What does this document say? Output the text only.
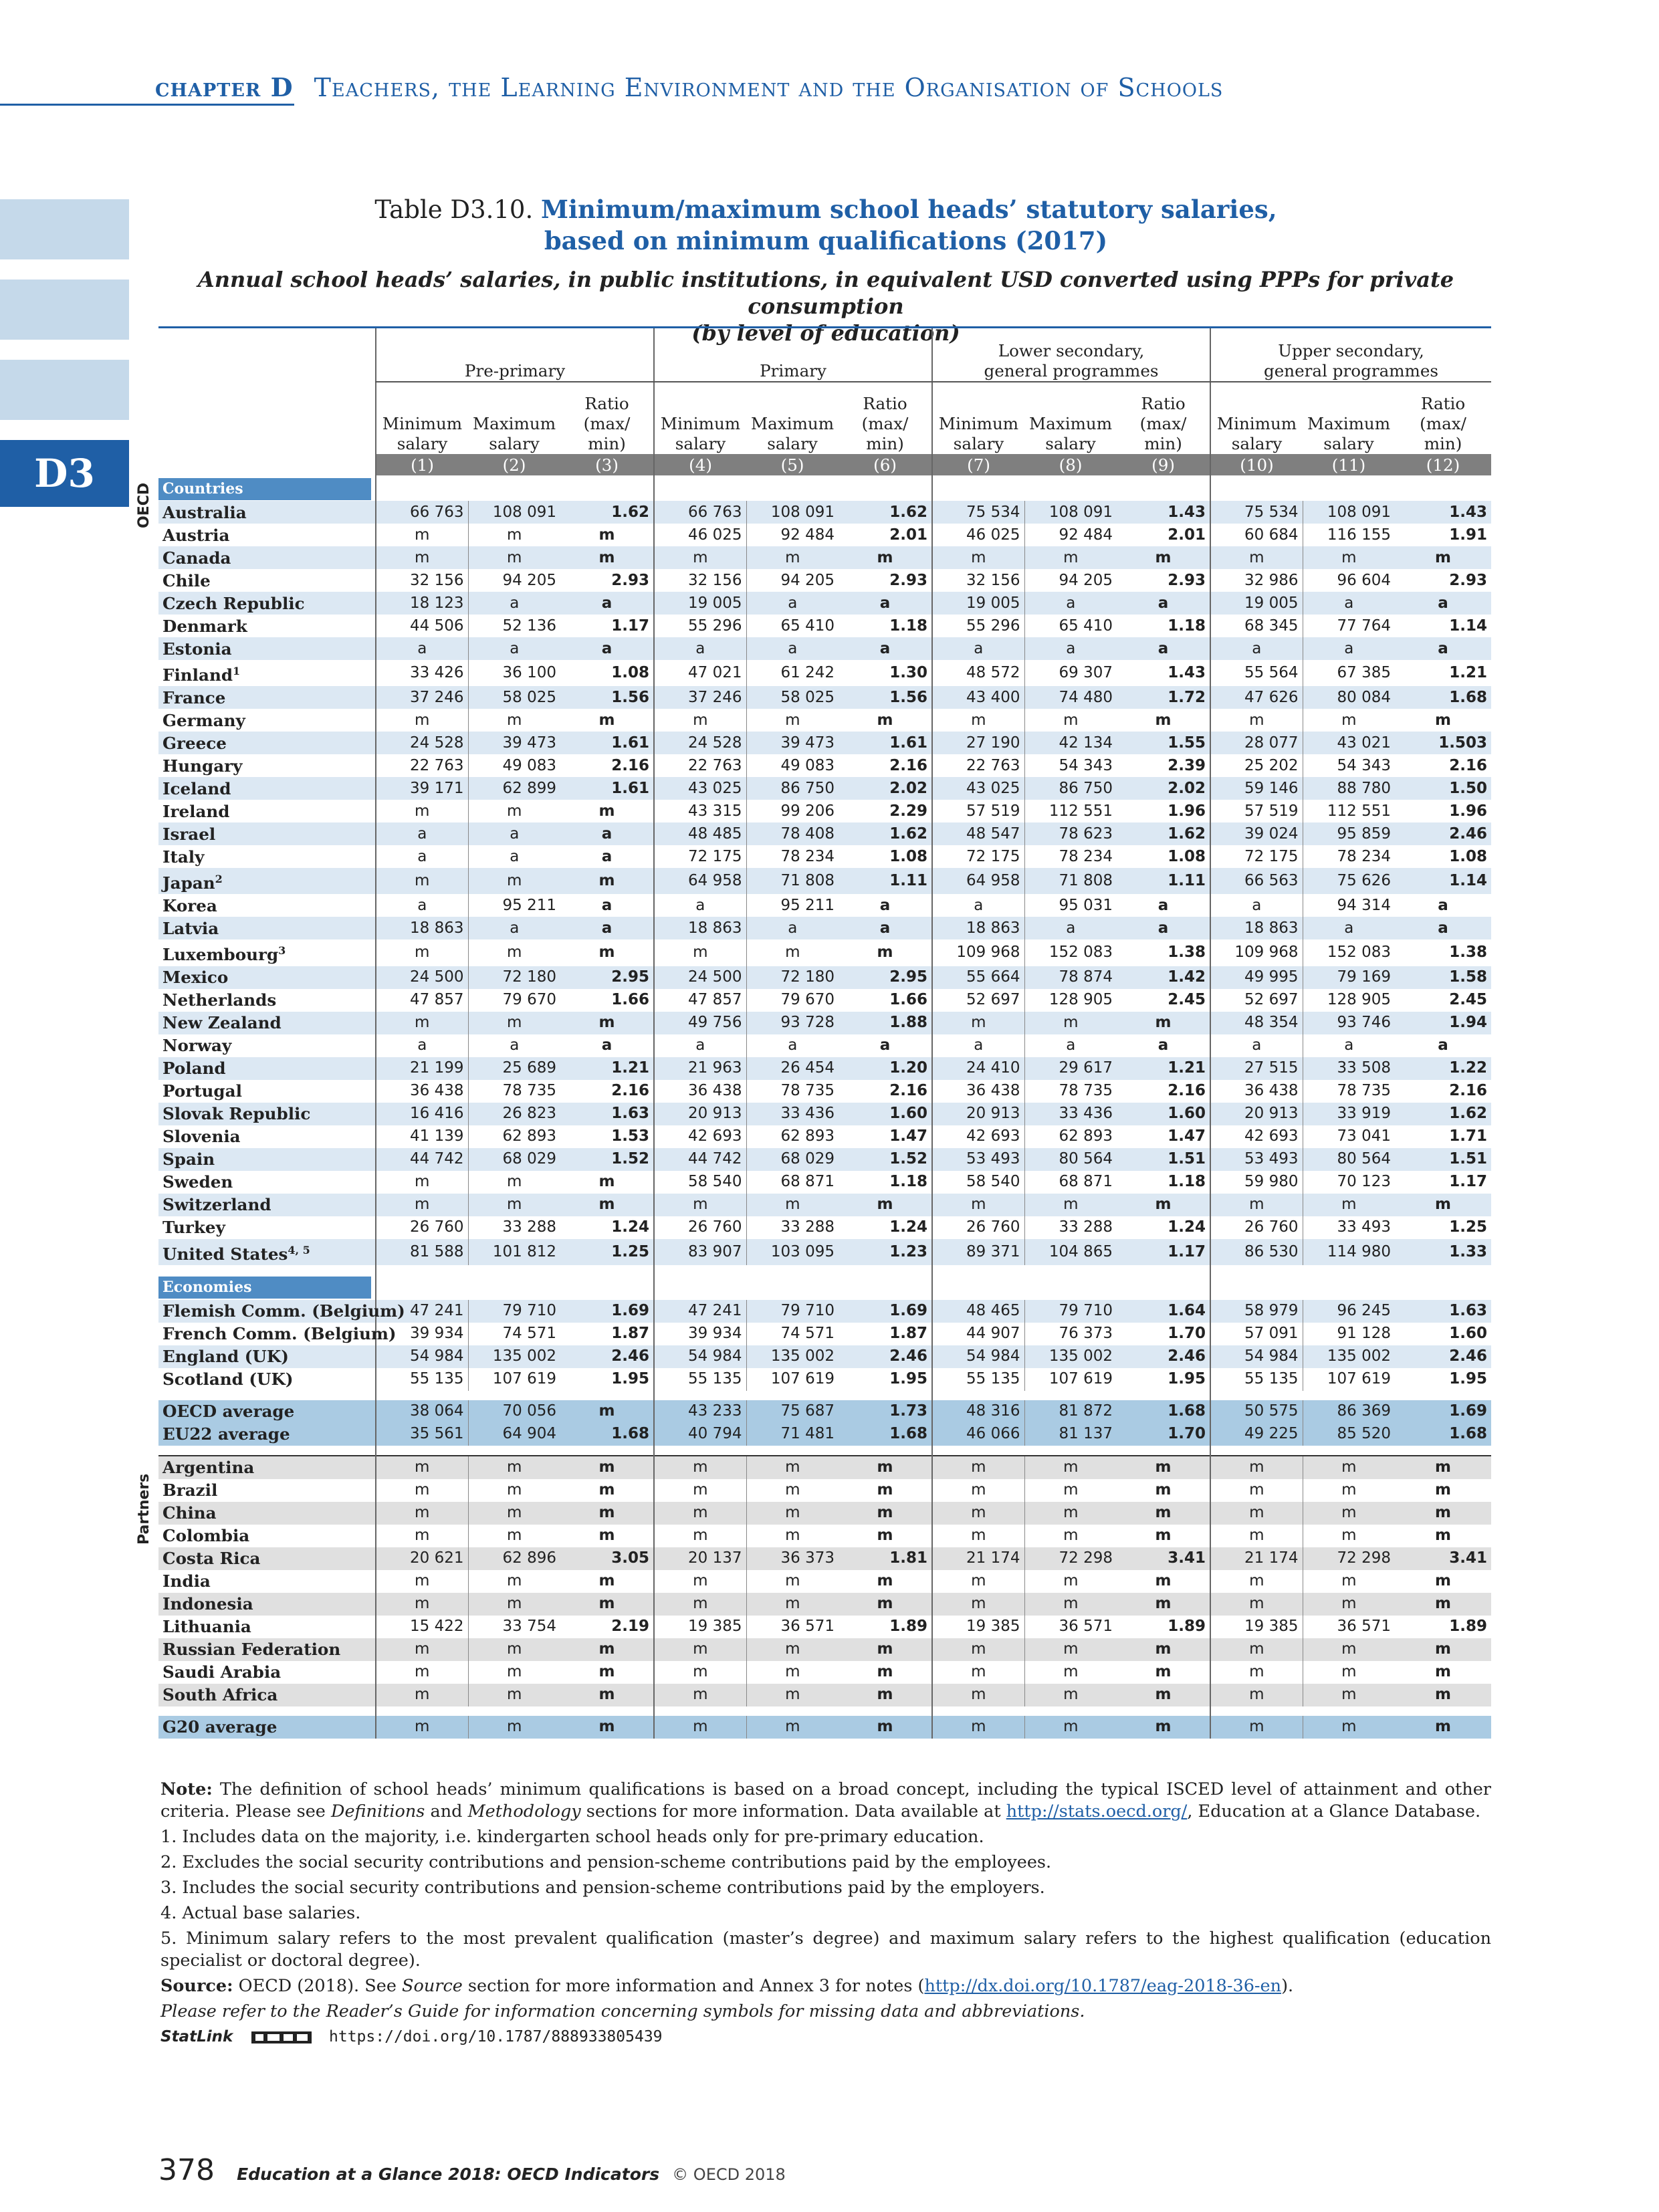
chapter D Teachers, the Learning Environment and the Organisation of Schools
D3
Table D3.10. Minimum/maximum school heads’ statutory salaries,
based on minimum qualifications (2017)
Annual school heads’ salaries, in public institutions, in equivalent USD converted using PPPs for private consumption
(by level of education)
	Pre-primary			Primary			Lower secondary, general programmes			Upper secondary, general programmes		
	Minimum salary	Maximum salary	Ratio (max/ min)	Minimum salary	Maximum salary	Ratio (max/ min)	Minimum salary	Maximum salary	Ratio (max/ min)	Minimum salary	Maximum salary	Ratio (max/ min)
	(1)	(2)	(3)	(4)	(5)	(6)	(7)	(8)	(9)	(10)	(11)	(12)
Countries												
Australia	66 763	108 091	1.62	66 763	108 091	1.62	75 534	108 091	1.43	75 534	108 091	1.43
Austria	m	m	m	46 025	92 484	2.01	46 025	92 484	2.01	60 684	116 155	1.91
Canada	m	m	m	m	m	m	m	m	m	m	m	m
Chile	32 156	94 205	2.93	32 156	94 205	2.93	32 156	94 205	2.93	32 986	96 604	2.93
Czech Republic	18 123	a	a	19 005	a	a	19 005	a	a	19 005	a	a
Denmark	44 506	52 136	1.17	55 296	65 410	1.18	55 296	65 410	1.18	68 345	77 764	1.14
Estonia	a	a	a	a	a	a	a	a	a	a	a	a
Finland$^1$	33 426	36 100	1.08	47 021	61 242	1.30	48 572	69 307	1.43	55 564	67 385	1.21
France	37 246	58 025	1.56	37 246	58 025	1.56	43 400	74 480	1.72	47 626	80 084	1.68
Germany	m	m	m	m	m	m	m	m	m	m	m	m
Greece	24 528	39 473	1.61	24 528	39 473	1.61	27 190	42 134	1.55	28 077	43 021	1.503
Hungary	22 763	49 083	2.16	22 763	49 083	2.16	22 763	54 343	2.39	25 202	54 343	2.16
Iceland	39 171	62 899	1.61	43 025	86 750	2.02	43 025	86 750	2.02	59 146	88 780	1.50
Ireland	m	m	m	43 315	99 206	2.29	57 519	112 551	1.96	57 519	112 551	1.96
Israel	a	a	a	48 485	78 408	1.62	48 547	78 623	1.62	39 024	95 859	2.46
Italy	a	a	a	72 175	78 234	1.08	72 175	78 234	1.08	72 175	78 234	1.08
Japan$^2$	m	m	m	64 958	71 808	1.11	64 958	71 808	1.11	66 563	75 626	1.14
Korea	a	95 211	a	a	95 211	a	a	95 031	a	a	94 314	a
Latvia	18 863	a	a	18 863	a	a	18 863	a	a	18 863	a	a
Luxembourg$^3$	m	m	m	m	m	m	109 968	152 083	1.38	109 968	152 083	1.38
Mexico	24 500	72 180	2.95	24 500	72 180	2.95	55 664	78 874	1.42	49 995	79 169	1.58
Netherlands	47 857	79 670	1.66	47 857	79 670	1.66	52 697	128 905	2.45	52 697	128 905	2.45
New Zealand	m	m	m	49 756	93 728	1.88	m	m	m	48 354	93 746	1.94
Norway	a	a	a	a	a	a	a	a	a	a	a	a
Poland	21 199	25 689	1.21	21 963	26 454	1.20	24 410	29 617	1.21	27 515	33 508	1.22
Portugal	36 438	78 735	2.16	36 438	78 735	2.16	36 438	78 735	2.16	36 438	78 735	2.16
Slovak Republic	16 416	26 823	1.63	20 913	33 436	1.60	20 913	33 436	1.60	20 913	33 919	1.62
Slovenia	41 139	62 893	1.53	42 693	62 893	1.47	42 693	62 893	1.47	42 693	73 041	1.71
Spain	44 742	68 029	1.52	44 742	68 029	1.52	53 493	80 564	1.51	53 493	80 564	1.51
Sweden	m	m	m	58 540	68 871	1.18	58 540	68 871	1.18	59 980	70 123	1.17
Switzerland	m	m	m	m	m	m	m	m	m	m	m	m
Turkey	26 760	33 288	1.24	26 760	33 288	1.24	26 760	33 288	1.24	26 760	33 493	1.25
United States$^{4, 5}$	81 588	101 812	1.25	83 907	103 095	1.23	89 371	104 865	1.17	86 530	114 980	1.33

Economies												
Flemish Comm. (Belgium)	47 241	79 710	1.69	47 241	79 710	1.69	48 465	79 710	1.64	58 979	96 245	1.63
French Comm. (Belgium)	39 934	74 571	1.87	39 934	74 571	1.87	44 907	76 373	1.70	57 091	91 128	1.60
England (UK)	54 984	135 002	2.46	54 984	135 002	2.46	54 984	135 002	2.46	54 984	135 002	2.46
Scotland (UK)	55 135	107 619	1.95	55 135	107 619	1.95	55 135	107 619	1.95	55 135	107 619	1.95

OECD average	38 064	70 056	m	43 233	75 687	1.73	48 316	81 872	1.68	50 575	86 369	1.69
EU22 average	35 561	64 904	1.68	40 794	71 481	1.68	46 066	81 137	1.70	49 225	85 520	1.68

Argentina	m	m	m	m	m	m	m	m	m	m	m	m
Brazil	m	m	m	m	m	m	m	m	m	m	m	m
China	m	m	m	m	m	m	m	m	m	m	m	m
Colombia	m	m	m	m	m	m	m	m	m	m	m	m
Costa Rica	20 621	62 896	3.05	20 137	36 373	1.81	21 174	72 298	3.41	21 174	72 298	3.41
India	m	m	m	m	m	m	m	m	m	m	m	m
Indonesia	m	m	m	m	m	m	m	m	m	m	m	m
Lithuania	15 422	33 754	2.19	19 385	36 571	1.89	19 385	36 571	1.89	19 385	36 571	1.89
Russian Federation	m	m	m	m	m	m	m	m	m	m	m	m
Saudi Arabia	m	m	m	m	m	m	m	m	m	m	m	m
South Africa	m	m	m	m	m	m	m	m	m	m	m	m

G20 average	m	m	m	m	m	m	m	m	m	m	m	m
OECD
Partners

Note: The definition of school heads’ minimum qualifications is based on a broad concept, including the typical ISCED level of attainment and other criteria. Please see Definitions and Methodology sections for more information. Data available at http://stats.oecd.org/, Education at a Glance Database.

1. Includes data on the majority, i.e. kindergarten school heads only for pre-primary education.

2. Excludes the social security contributions and pension-scheme contributions paid by the employees.

3. Includes the social security contributions and pension-scheme contributions paid by the employers.

4. Actual base salaries.

5. Minimum salary refers to the most prevalent qualification (master’s degree) and maximum salary refers to the highest qualification (education specialist or doctoral degree).

Source: OECD (2018). See Source section for more information and Annex 3 for notes (http://dx.doi.org/10.1787/eag-2018-36-en).

Please refer to the Reader’s Guide for information concerning symbols for missing data and abbreviations.

StatLink	https://doi.org/10.1787/888933805439

378 Education at a Glance 2018: OECD Indicators © OECD 2018
